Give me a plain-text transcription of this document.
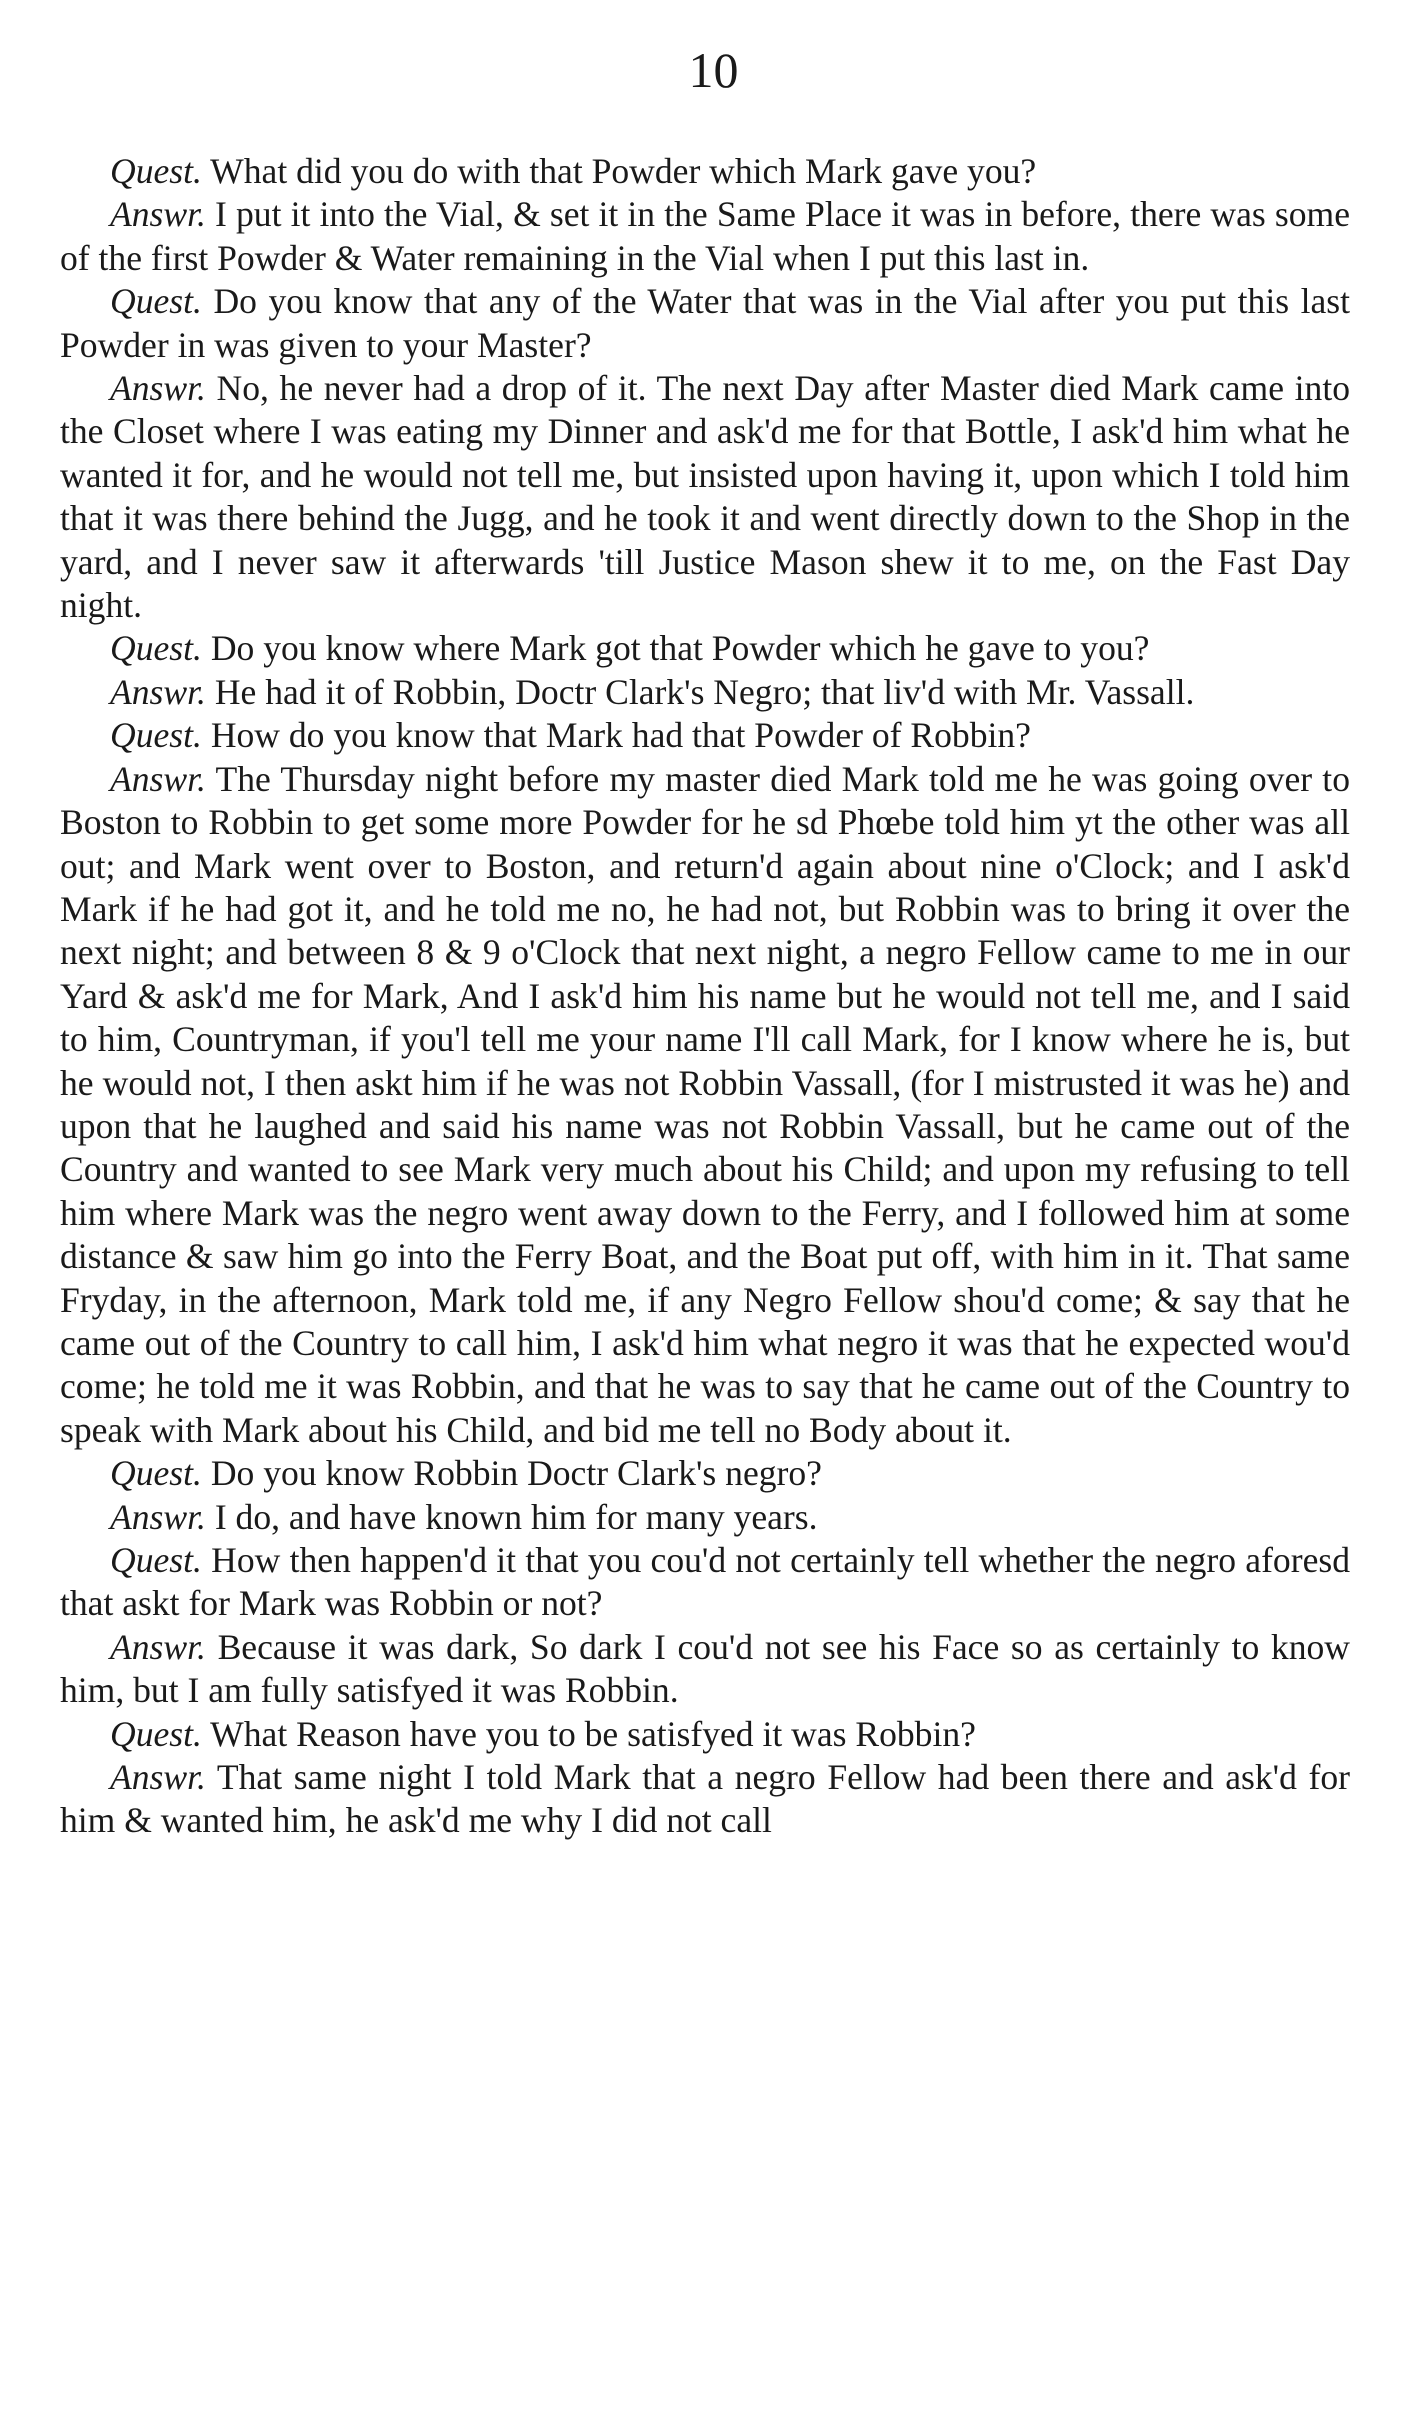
10

Quest. What did you do with that Powder which Mark gave you?

Answr. I put it into the Vial, & set it in the Same Place it was in before, there was some of the first Powder & Water remaining in the Vial when I put this last in.

Quest. Do you know that any of the Water that was in the Vial after you put this last Powder in was given to your Master?

Answr. No, he never had a drop of it. The next Day after Master died Mark came into the Closet where I was eating my Dinner and ask'd me for that Bottle, I ask'd him what he wanted it for, and he would not tell me, but insisted upon having it, upon which I told him that it was there behind the Jugg, and he took it and went directly down to the Shop in the yard, and I never saw it afterwards 'till Justice Mason shew it to me, on the Fast Day night.

Quest. Do you know where Mark got that Powder which he gave to you?

Answr. He had it of Robbin, Doctr Clark's Negro; that liv'd with Mr. Vassall.

Quest. How do you know that Mark had that Powder of Robbin?

Answr. The Thursday night before my master died Mark told me he was going over to Boston to Robbin to get some more Powder for he sd Phœbe told him yt the other was all out; and Mark went over to Boston, and return'd again about nine o'Clock; and I ask'd Mark if he had got it, and he told me no, he had not, but Robbin was to bring it over the next night; and between 8 & 9 o'Clock that next night, a negro Fellow came to me in our Yard & ask'd me for Mark, And I ask'd him his name but he would not tell me, and I said to him, Countryman, if you'l tell me your name I'll call Mark, for I know where he is, but he would not, I then askt him if he was not Robbin Vassall, (for I mistrusted it was he) and upon that he laughed and said his name was not Robbin Vassall, but he came out of the Country and wanted to see Mark very much about his Child; and upon my refusing to tell him where Mark was the negro went away down to the Ferry, and I followed him at some distance & saw him go into the Ferry Boat, and the Boat put off, with him in it. That same Fryday, in the afternoon, Mark told me, if any Negro Fellow shou'd come; & say that he came out of the Country to call him, I ask'd him what negro it was that he expected wou'd come; he told me it was Robbin, and that he was to say that he came out of the Country to speak with Mark about his Child, and bid me tell no Body about it.

Quest. Do you know Robbin Doctr Clark's negro?

Answr. I do, and have known him for many years.

Quest. How then happen'd it that you cou'd not certainly tell whether the negro aforesd that askt for Mark was Robbin or not?

Answr. Because it was dark, So dark I cou'd not see his Face so as certainly to know him, but I am fully satisfyed it was Robbin.

Quest. What Reason have you to be satisfyed it was Robbin?

Answr. That same night I told Mark that a negro Fellow had been there and ask'd for him & wanted him, he ask'd me why I did not call
